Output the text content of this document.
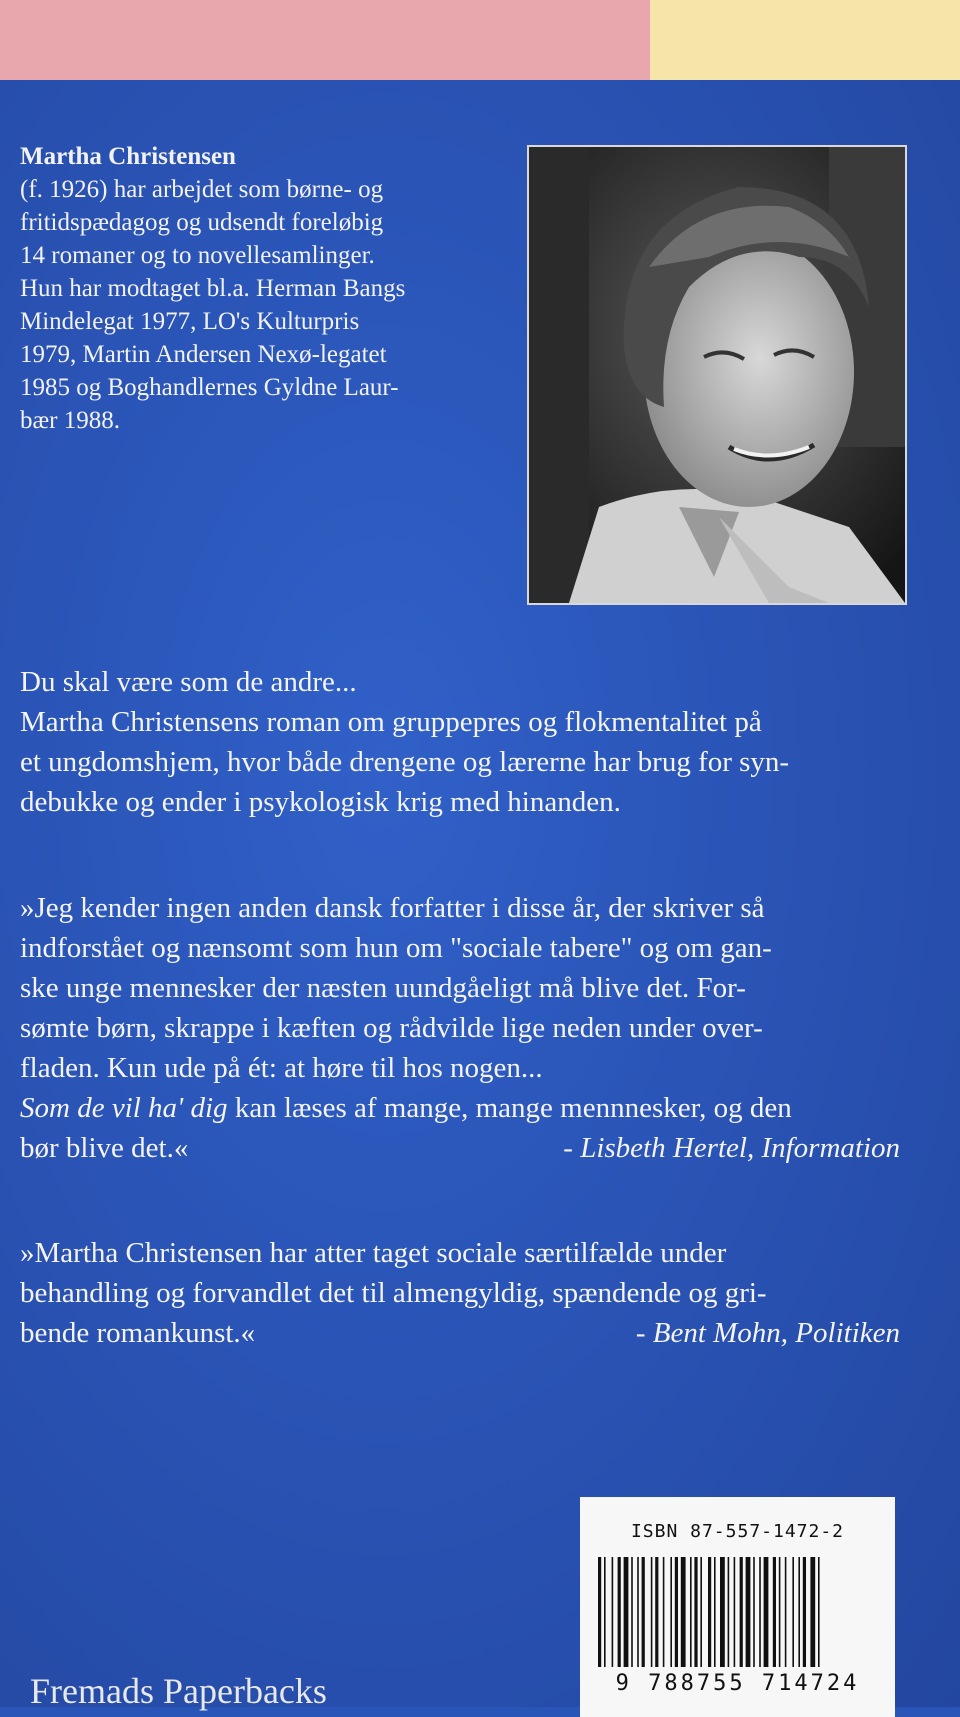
Martha Christensen
(f. 1926) har arbejdet som børne- og
fritidspædagog og udsendt foreløbig
14 romaner og to novellesamlinger.
Hun har modtaget bl.a. Herman Bangs
Mindelegat 1977, LO's Kulturpris
1979, Martin Andersen Nexø-legatet
1985 og Boghandlernes Gyldne Laur-
bær 1988.
Du skal være som de andre...
Martha Christensens roman om gruppepres og flokmentalitet på
et ungdomshjem, hvor både drengene og lærerne har brug for syn-
debukke og ender i psykologisk krig med hinanden.
»Jeg kender ingen anden dansk forfatter i disse år, der skriver så
indforstået og nænsomt som hun om "sociale tabere" og om gan-
ske unge mennesker der næsten uundgåeligt må blive det. For-
sømte børn, skrappe i kæften og rådvilde lige neden under over-
fladen. Kun ude på ét: at høre til hos nogen...
Som de vil ha' dig kan læses af mange, mange mennnesker, og den
bør blive det.«	- Lisbeth Hertel, Information
»Martha Christensen har atter taget sociale særtilfælde under
behandling og forvandlet det til almengyldig, spændende og gri-
bende romankunst.«	- Bent Mohn, Politiken
ISBN 87-557-1472-2
9 788755 714724
Fremads Paperbacks
